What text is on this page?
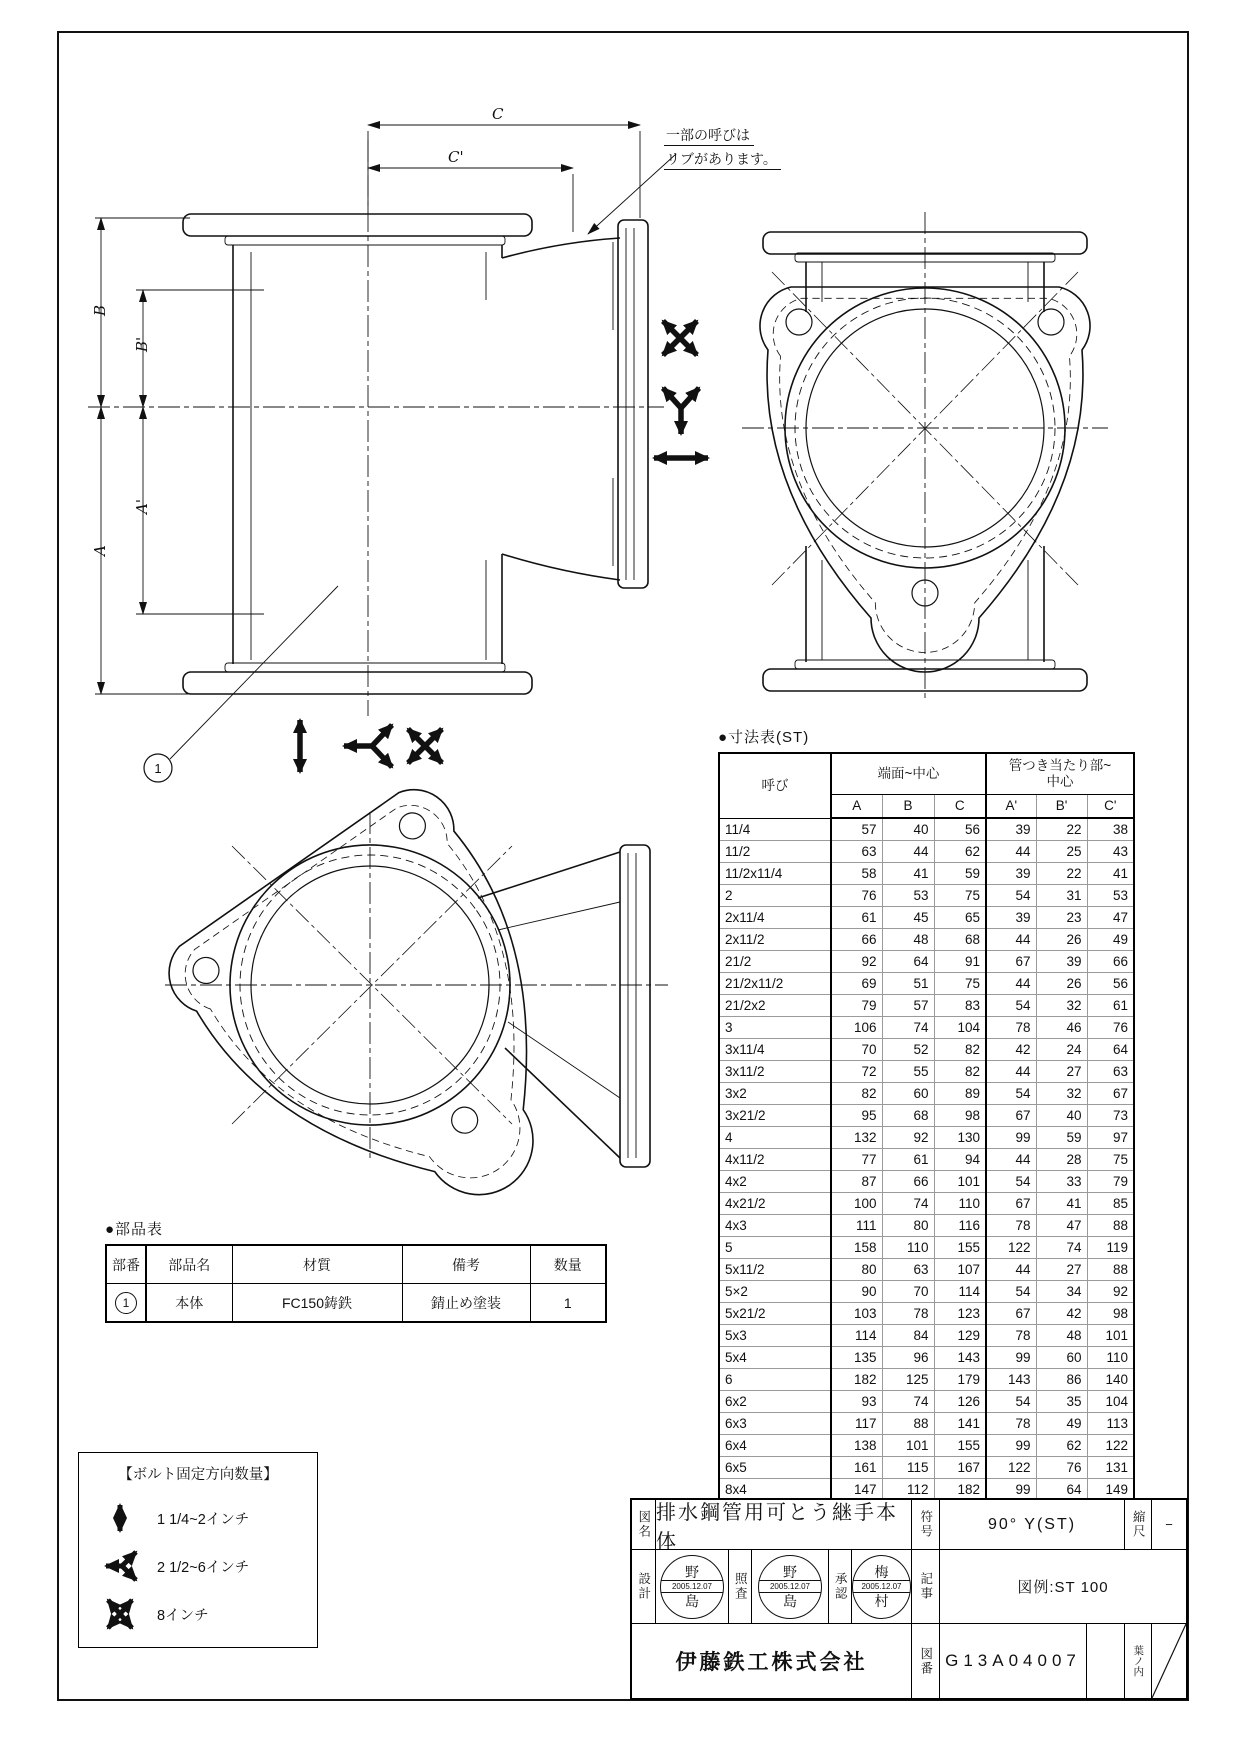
C
C'
B
B'
A
A'
1
一部の呼びは
リブがあります。
●寸法表(ST)
呼び	端面~中心			管つき当たり部~
中心		

	A	B	C	A'	B'	C'
11/4	57	40	56	39	22	38
11/2	63	44	62	44	25	43
11/2x11/4	58	41	59	39	22	41
2	76	53	75	54	31	53
2x11/4	61	45	65	39	23	47
2x11/2	66	48	68	44	26	49
21/2	92	64	91	67	39	66
21/2x11/2	69	51	75	44	26	56
21/2x2	79	57	83	54	32	61
3	106	74	104	78	46	76
3x11/4	70	52	82	42	24	64
3x11/2	72	55	82	44	27	63
3x2	82	60	89	54	32	67
3x21/2	95	68	98	67	40	73
4	132	92	130	99	59	97
4x11/2	77	61	94	44	28	75
4x2	87	66	101	54	33	79
4x21/2	100	74	110	67	41	85
4x3	111	80	116	78	47	88
5	158	110	155	122	74	119
5x11/2	80	63	107	44	27	88
5×2	90	70	114	54	34	92
5x21/2	103	78	123	67	42	98
5x3	114	84	129	78	48	101
5x4	135	96	143	99	60	110
6	182	125	179	143	86	140
6x2	93	74	126	54	35	104
6x3	117	88	141	78	49	113
6x4	138	101	155	99	62	122
6x5	161	115	167	122	76	131
8x4	147	112	182	99	64	149
●部品表
部番	部品名	材質	備考	数量
1	本体	FC150鋳鉄	錆止め塗装	1
【ボルト固定方向数量】
1 1/4~2インチ
2 1/2~6インチ
8インチ
図名 排水鋼管用可とう継手本体
符号	90° Y(ST)	縮尺	−
設計	野
2005.12.07
島	照査	野
2005.12.07
島	承認	梅
2005.12.07
村	記事	図例:ST 100
伊藤鉄工株式会社	図番 G13A04007	葉ノ内
